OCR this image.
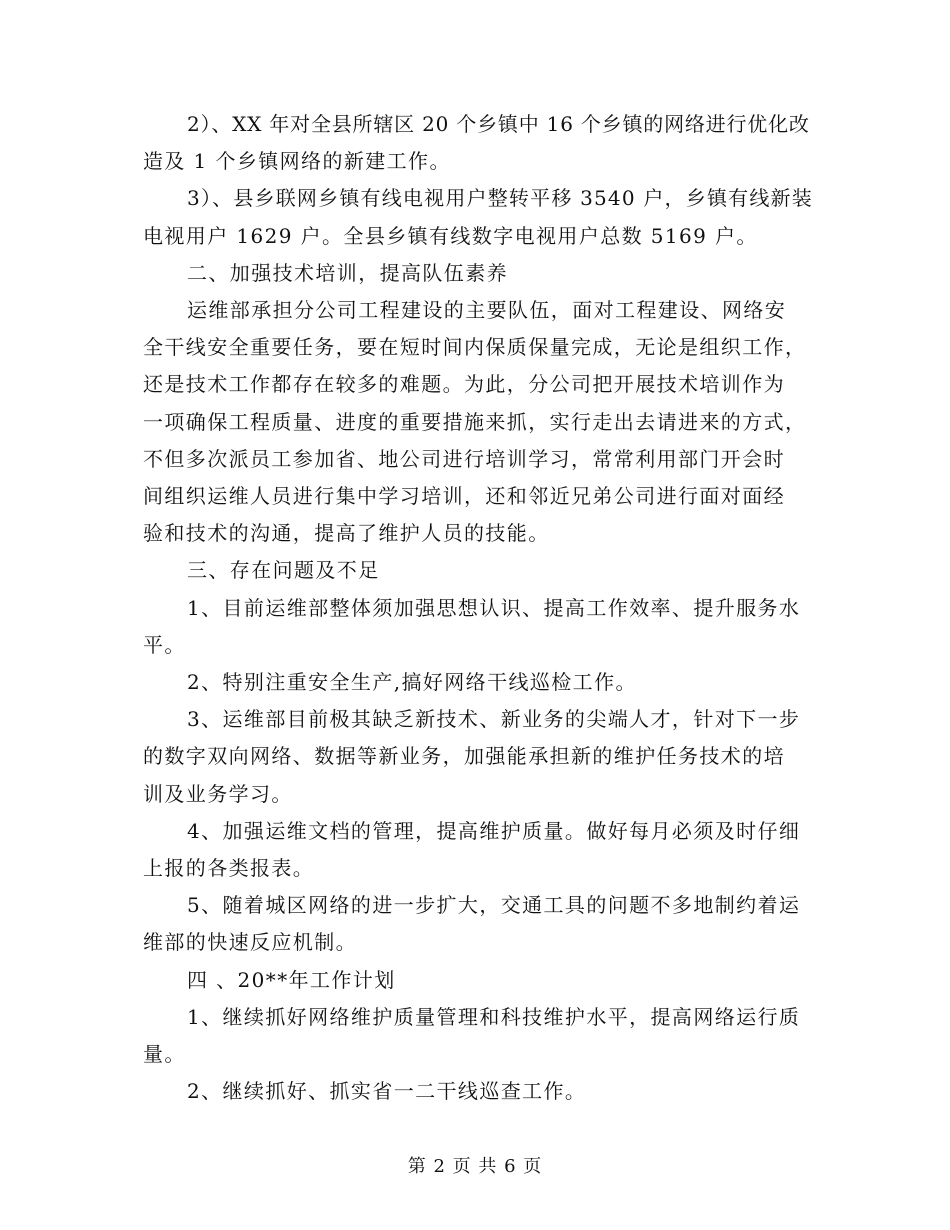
2）、XX 年对全县所辖区 20 个乡镇中 16 个乡镇的网络进行优化改
造及 1 个乡镇网络的新建工作。
3）、县乡联网乡镇有线电视用户整转平移 3540 户，乡镇有线新装
电视用户 1629 户。全县乡镇有线数字电视用户总数 5169 户。
二、加强技术培训，提高队伍素养
运维部承担分公司工程建设的主要队伍，面对工程建设、网络安
全干线安全重要任务，要在短时间内保质保量完成，无论是组织工作，
还是技术工作都存在较多的难题。为此，分公司把开展技术培训作为
一项确保工程质量、进度的重要措施来抓，实行走出去请进来的方式，
不但多次派员工参加省、地公司进行培训学习，常常利用部门开会时
间组织运维人员进行集中学习培训，还和邻近兄弟公司进行面对面经
验和技术的沟通，提高了维护人员的技能。
三、存在问题及不足
1、目前运维部整体须加强思想认识、提高工作效率、提升服务水
平。
2、特别注重安全生产,搞好网络干线巡检工作。
3、运维部目前极其缺乏新技术、新业务的尖端人才，针对下一步
的数字双向网络、数据等新业务，加强能承担新的维护任务技术的培
训及业务学习。
4、加强运维文档的管理，提高维护质量。做好每月必须及时仔细
上报的各类报表。
5、随着城区网络的进一步扩大，交通工具的问题不多地制约着运
维部的快速反应机制。
四 、20**年工作计划
1、继续抓好网络维护质量管理和科技维护水平，提高网络运行质
量。
2、继续抓好、抓实省一二干线巡查工作。
第 2 页 共 6 页
